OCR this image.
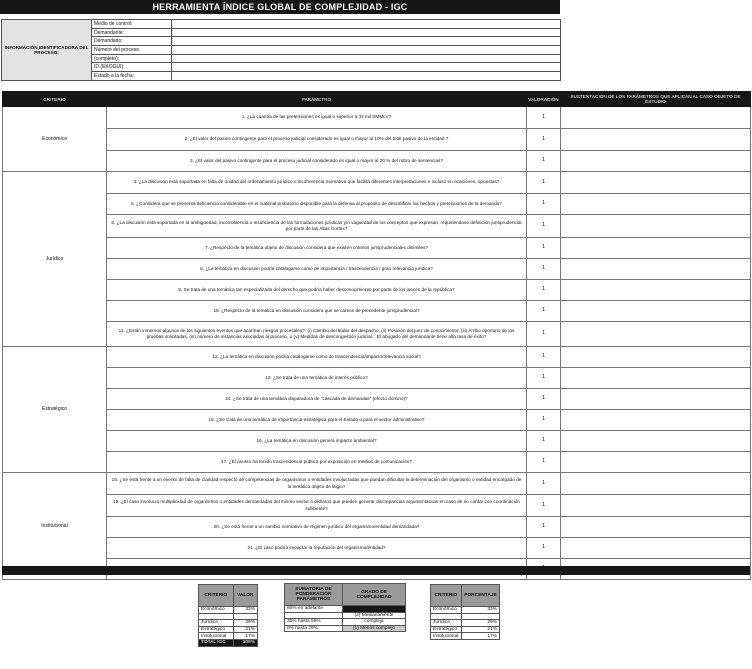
HERRAMIENTA ÍNDICE GLOBAL DE COMPLEJIDAD - IGC
INFORMACIÓN IDENTIFICADORA DEL PROCESO:	Medio de control:	
	Demandante:	
	Demandado:	
	Número del proceso	
	(completo):	
	ID (EKOGUI):	
	Estado a la fecha:	
CRITERIO	PARÁMETRO	VALORACIÓN	SUSTENTACIÓN DE LOS PARÁMETROS QUE APLICAN AL CASO OBJETO DE ESTUDIO
Económico	1. ¿La cuantía de las pretensiones es igual o superior a 33 mil SMMLV?	1	
	2. ¿El valor del pasivo contingente para el proceso judicial considerado es igual o mayor al 10% del total pasivo de la entidad ?	1	
	3. ¿El valor del pasivo contingente para el proceso judicial considerado es igual o mayor al 20 % del rubro de sentencias?	1	
Jurídico	4. ¿La discusión está soportada en falta de unidad del ordenamiento jurídico o incoherencia normativa que facilita diferentes interpretaciones e incluso en ocasiones, opuestas?	1	
	5. ¿Considera que se presenta deficiencia considerable en el material probatorio disponible para la defensa al propósito de descalificar los hechos y pretensiones de la demanda?	1	
	6. ¿La discusión está soportada en la ambigüedad, inconsistencia o insuficiencia de las formulaciones jurídicas y/o vaguedad de los conceptos que expresan, requiriéndose definición jurisprudencial por parte de las Altas Cortes?	1	
	7. ¿Respecto de la temática objeto de discusión considera que existen criterios jurisprudenciales disímiles?	1	
	8. ¿La temática en discusión podría catalogarse como de importancia / trascendencia / gran relevancia jurídica?	1	
	9. Se trata de una temática tan especializada del derecho que podría haber desconocimiento por parte de los jueces de la república?	1	
	10. ¿Respecto de la temática en discusión considera que se carece de precedente jurisprudencial?	1	
	11. ¿Están inmersos algunos de los siguientes eventos que acarrean riesgos procesales?: (i) Cambio del titular del despacho, (ii) Posición del juez de conocimiento, (iii) Arribo oportuno de las pruebas solicitadas, (iv) número de instancias asociadas al proceso, o (v) Medidas de descongestión judicial. , El abogado del demandante tiene alta tasa de éxito?	1	
Estratégico	12. ¿La temática en discusión podría catalogarse como de trascendencia/impacto/relevancia social?	1	
	13. ¿Se trata de una temática de interés público?	1	
	14. ¿Se trata de una temática disparadora de "cascada de demandas" (efecto dominó)?	1	
	15. ¿Se trata de una temática de importancia estratégica para el Estado o para el sector administrativo?	1	
	16. ¿La temática en discusión genera impacto ambiental?	1	
	17. ¿El asunto ha tenido trascendencia pública por exposición en medios de comunicación?	1	
Institucional	18. ¿Se está frente a un evento de falta de claridad respecto de competencias de organismos o entidades involucradas que puedan dificultar la determinación del organismo o entidad encargado de la temática objeto de litigio?	1	
	19. ¿El caso involucra multiplicidad de organismos o entidades demandadas del mismo sector o distintos que pueden generar discrepancias argumentativas en caso de no contar con coordinación suficiente?	1	
	20. ¿Se está frente a un cambio normativo de régimen jurídico del organismo/entidad demandada?	1	
	21. ¿El caso podría impactar la reputación del organismo/entidad?	1	

CRITERIO	VALOR
Económico	33%

Jurídico	29%
Estratégico	21%
Institucional	17%
TOTAL IGC	100%
SUMATORIA DE PONDERACIÓN PARÁMETROS	GRADO DE COMPLEJIDAD
60% en adelante	
	(2) Medianamente
30% hasta 59%	compleja
0% hasta 29%	(1) Menos complejo
CRITERIO	PORCENTAJE
Económico	33%

Jurídico	29%
Estratégico	21%
Institucional	17%
